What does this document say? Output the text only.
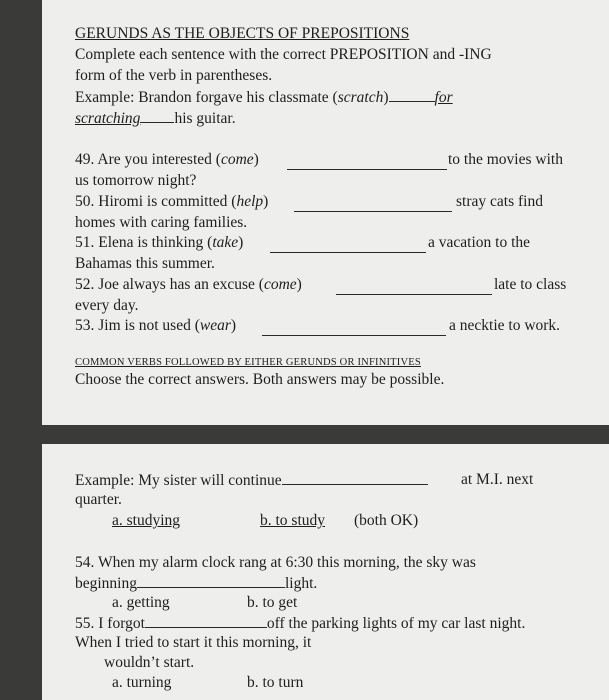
GERUNDS AS THE OBJECTS OF PREPOSITIONS
Complete each sentence with the correct PREPOSITION and -ING
form of the verb in parentheses.
Example: Brandon forgave his classmate (scratch)	for
scratching his guitar.
49. Are you interested (come)	to the movies with
us tomorrow night?
50. Hiromi is committed (help)	stray cats find
homes with caring families.
51. Elena is thinking (take)	a vacation to the
Bahamas this summer.
52. Joe always has an excuse (come)	late to class
every day.
53. Jim is not used (wear)	a necktie to work.
COMMON VERBS FOLLOWED BY EITHER GERUNDS OR INFINITIVES
Choose the correct answers. Both answers may be possible.
Example: My sister will continue	at M.I. next
quarter.
a. studying	b. to study (both OK)
54. When my alarm clock rang at 6:30 this morning, the sky was
beginning	light.
a. getting	b. to get
55. I forgot	off the parking lights of my car last night.
When I tried to start it this morning, it
wouldn’t start.
a. turning	b. to turn
